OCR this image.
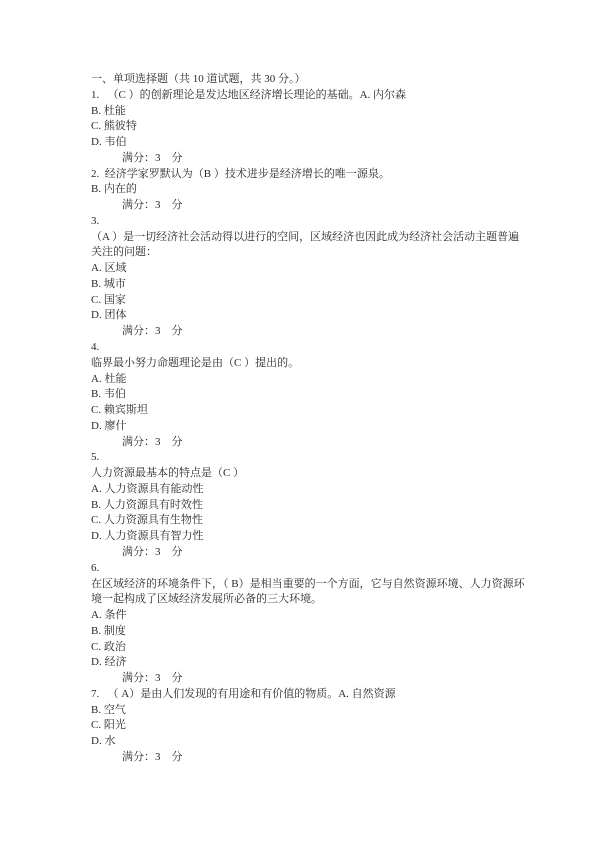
一、单项选择题（共 10 道试题，共 30 分。）
1.   （C ）的创新理论是发达地区经济增长理论的基础。A. 内尔森
B. 杜能
C. 熊彼特
D. 韦伯
满分：3    分
2.  经济学家罗默认为（B ）技术进步是经济增长的唯一源泉。
B. 内在的
满分：3    分
3.
（A ）是一切经济社会活动得以进行的空间，区域经济也因此成为经济社会活动主题普遍
关注的问题：
A. 区域
B. 城市
C. 国家
D. 团体
满分：3    分
4.
临界最小努力命题理论是由（C ）提出的。
A. 杜能
B. 韦伯
C. 赖宾斯坦
D. 廖什
满分：3    分
5.
人力资源最基本的特点是（C ）
A. 人力资源具有能动性
B. 人力资源具有时效性
C. 人力资源具有生物性
D. 人力资源具有智力性
满分：3    分
6.
在区域经济的环境条件下，（ B）是相当重要的一个方面，它与自然资源环境、人力资源环
境一起构成了区域经济发展所必备的三大环境。
A. 条件
B. 制度
C. 政治
D. 经济
满分：3    分
7.   （ A）是由人们发现的有用途和有价值的物质。A. 自然资源
B. 空气
C. 阳光
D. 水
满分：3    分
